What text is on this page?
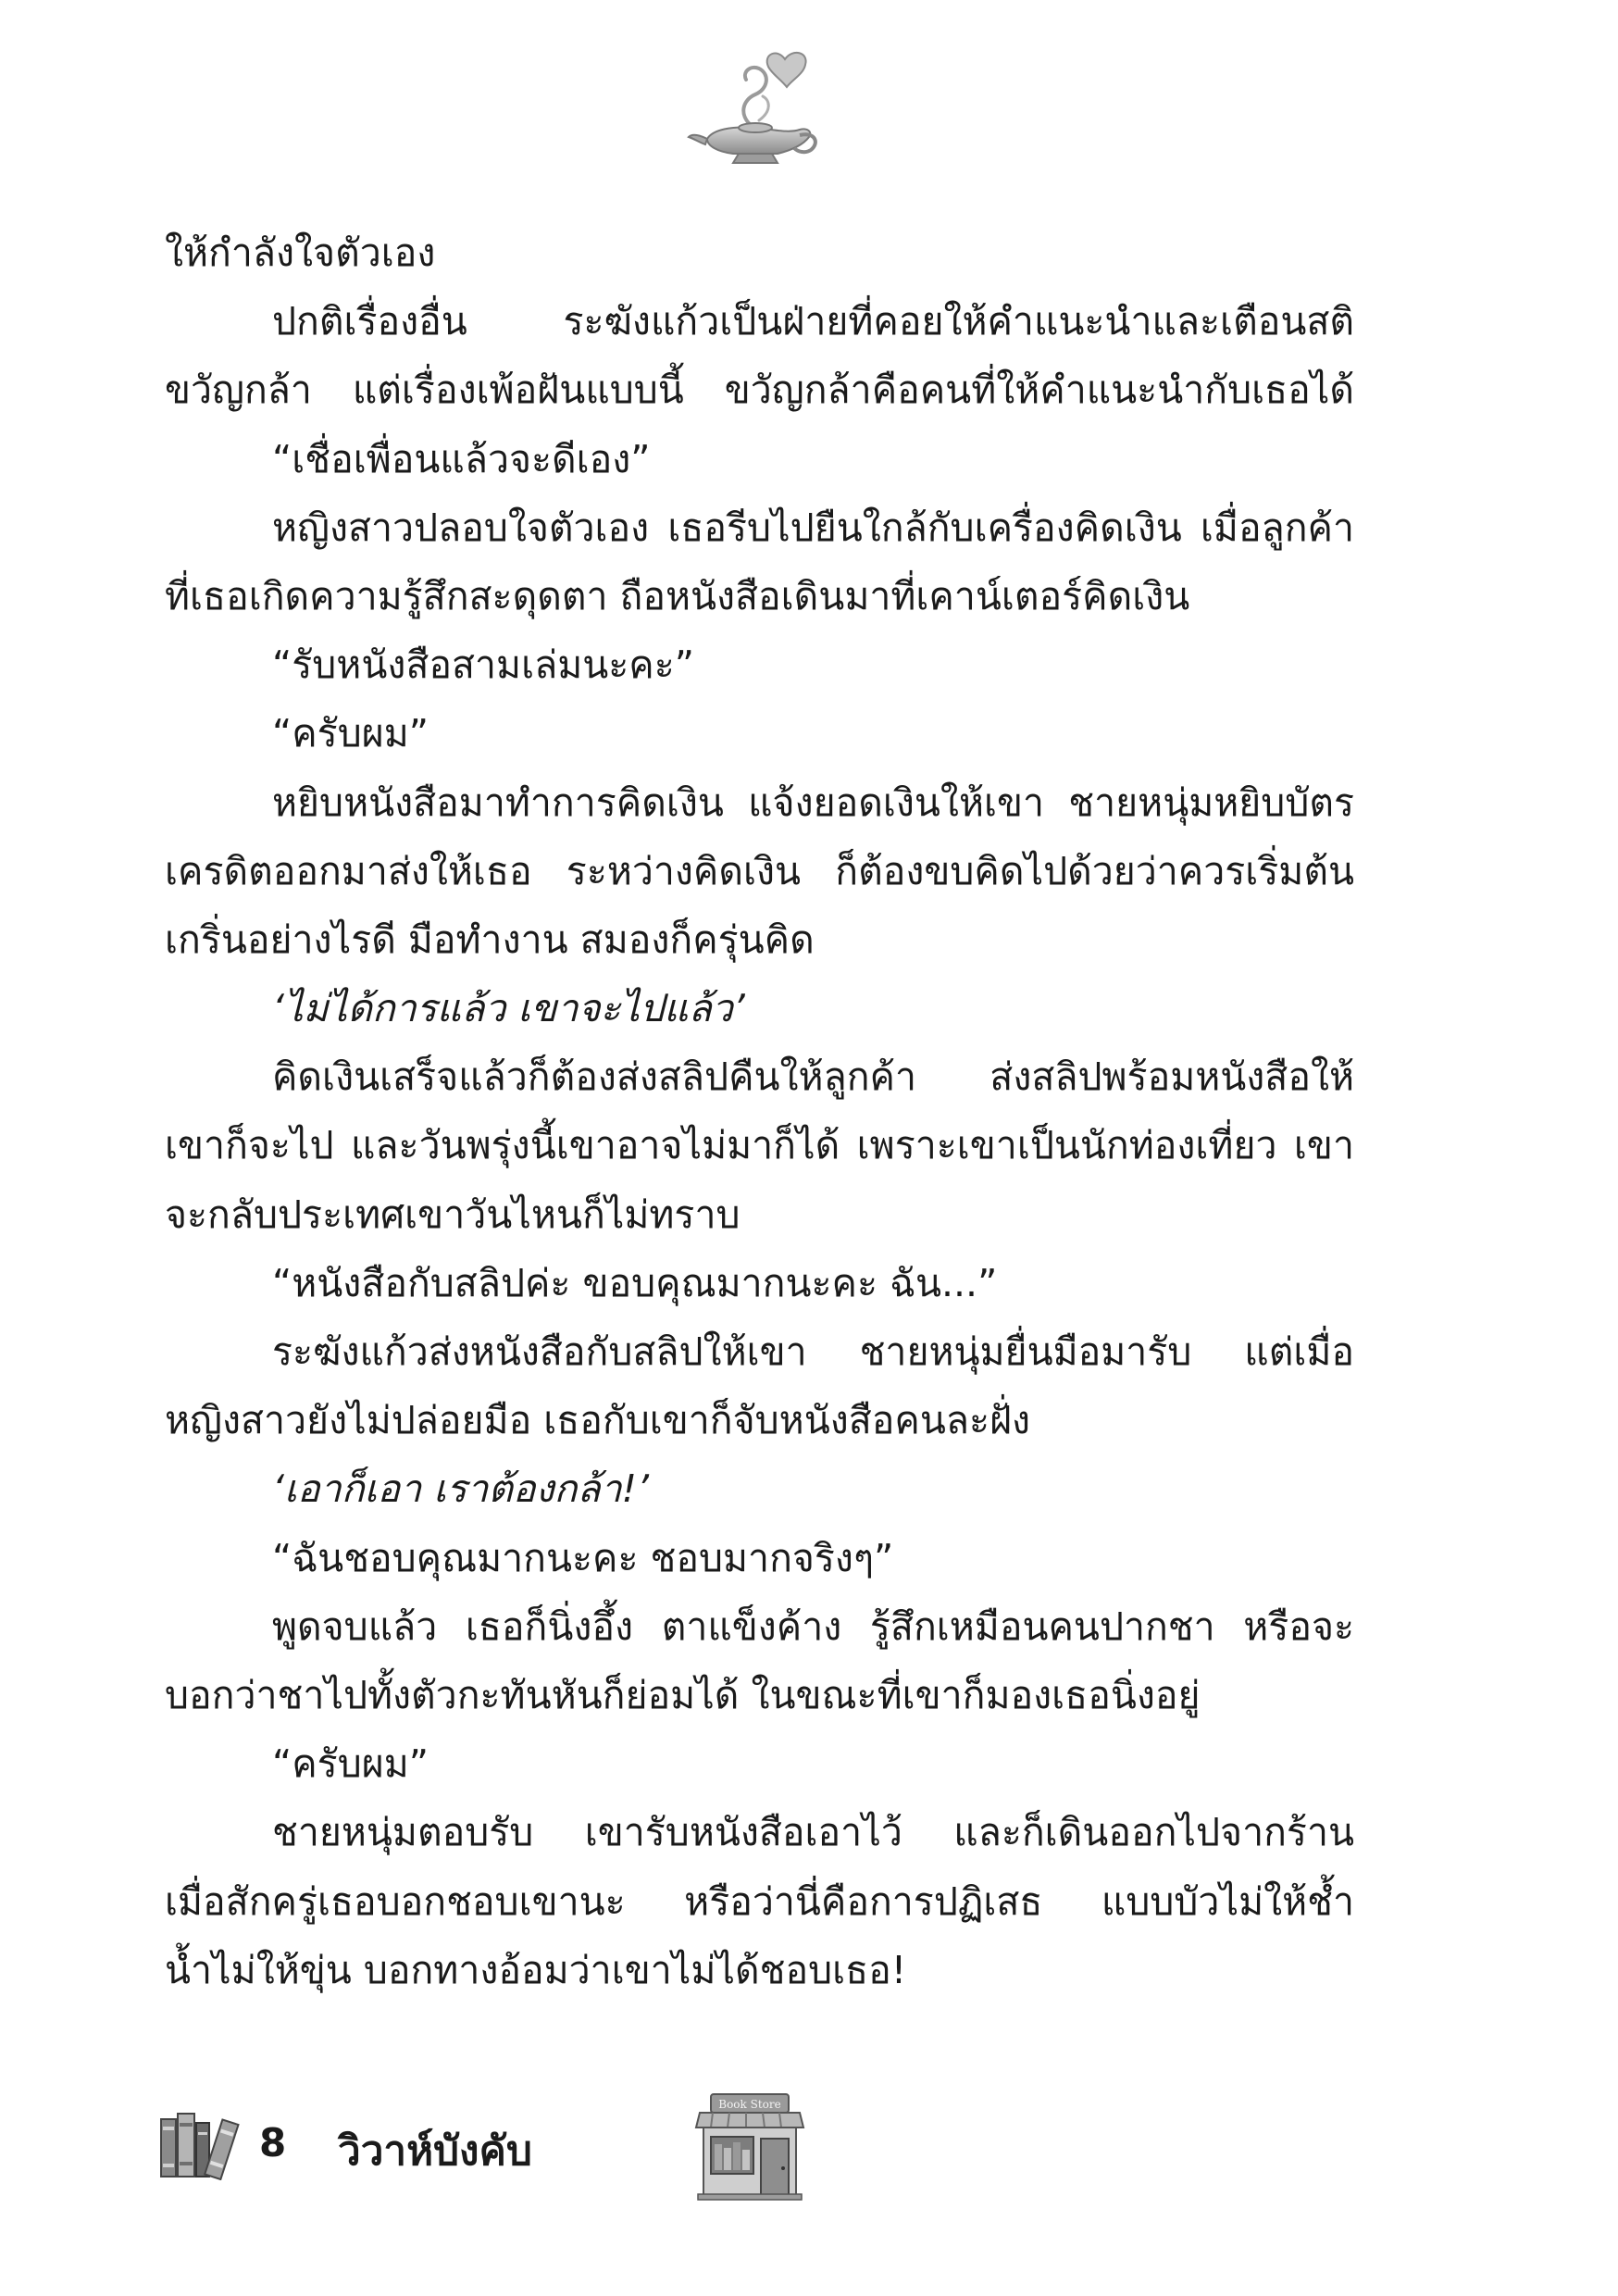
ให้กำลังใจตัวเอง
ปกติเรื่องอื่น ระฆังแก้วเป็นฝ่ายที่คอยให้คำแนะนำและเตือนสติ
ขวัญกล้า แต่เรื่องเพ้อฝันแบบนี้ ขวัญกล้าคือคนที่ให้คำแนะนำกับเธอได้
“เชื่อเพื่อนแล้วจะดีเอง”
หญิงสาวปลอบใจตัวเอง เธอรีบไปยืนใกล้กับเครื่องคิดเงิน เมื่อลูกค้า
ที่เธอเกิดความรู้สึกสะดุดตา ถือหนังสือเดินมาที่เคาน์เตอร์คิดเงิน
“รับหนังสือสามเล่มนะคะ”
“ครับผม”
หยิบหนังสือมาทำการคิดเงิน แจ้งยอดเงินให้เขา ชายหนุ่มหยิบบัตร
เครดิตออกมาส่งให้เธอ ระหว่างคิดเงิน ก็ต้องขบคิดไปด้วยว่าควรเริ่มต้น
เกริ่นอย่างไรดี มือทำงาน สมองก็ครุ่นคิด
‘ไม่ได้การแล้ว เขาจะไปแล้ว’
คิดเงินเสร็จแล้วก็ต้องส่งสลิปคืนให้ลูกค้า ส่งสลิปพร้อมหนังสือให้
เขาก็จะไป และวันพรุ่งนี้เขาอาจไม่มาก็ได้ เพราะเขาเป็นนักท่องเที่ยว เขา
จะกลับประเทศเขาวันไหนก็ไม่ทราบ
“หนังสือกับสลิปค่ะ ขอบคุณมากนะคะ ฉัน...”
ระฆังแก้วส่งหนังสือกับสลิปให้เขา ชายหนุ่มยื่นมือมารับ แต่เมื่อ
หญิงสาวยังไม่ปล่อยมือ เธอกับเขาก็จับหนังสือคนละฝั่ง
‘เอาก็เอา เราต้องกล้า!’
“ฉันชอบคุณมากนะคะ ชอบมากจริงๆ”
พูดจบแล้ว เธอก็นิ่งอึ้ง ตาแข็งค้าง รู้สึกเหมือนคนปากชา หรือจะ
บอกว่าชาไปทั้งตัวกะทันหันก็ย่อมได้ ในขณะที่เขาก็มองเธอนิ่งอยู่
“ครับผม”
ชายหนุ่มตอบรับ เขารับหนังสือเอาไว้ และก็เดินออกไปจากร้าน
เมื่อสักครู่เธอบอกชอบเขานะ หรือว่านี่คือการปฏิเสธ แบบบัวไม่ให้ช้ำ
น้ำไม่ให้ขุ่น บอกทางอ้อมว่าเขาไม่ได้ชอบเธอ!
8 วิวาห์บังคับ
Book Store
